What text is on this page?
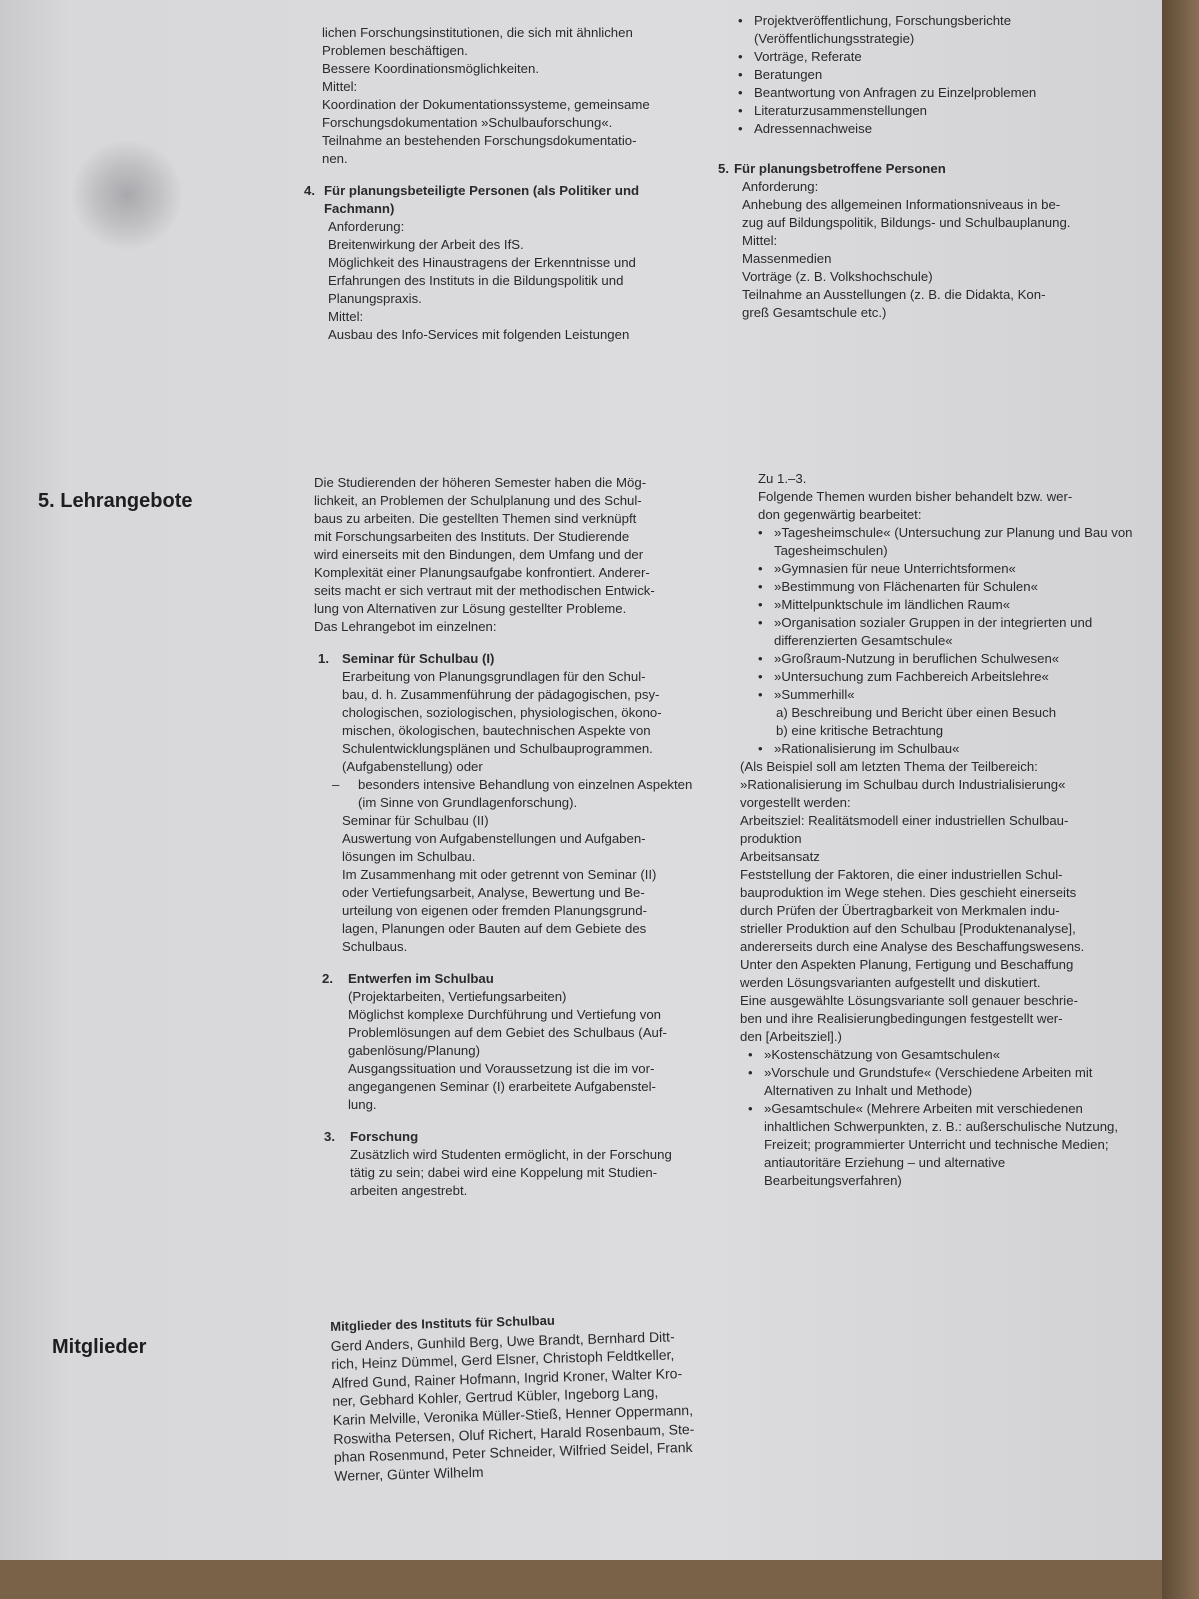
lichen Forschungsinstitutionen, die sich mit ähnlichen

Problemen beschäftigen.

Bessere Koordinationsmöglichkeiten.

Mittel:

Koordination der Dokumentationssysteme, gemeinsame

Forschungsdokumentation »Schulbauforschung«.

Teilnahme an bestehenden Forschungsdokumentatio-

nen.

4. Für planungsbeteiligte Personen (als Politiker und Fachmann)

Anforderung:

Breitenwirkung der Arbeit des IfS.

Möglichkeit des Hinaustragens der Erkenntnisse und

Erfahrungen des Instituts in die Bildungspolitik und

Planungspraxis.

Mittel:

Ausbau des Info-Services mit folgenden Leistungen

• Projektveröffentlichung, Forschungsberichte (Veröffentlichungsstrategie)
• Vorträge, Referate
• Beratungen
• Beantwortung von Anfragen zu Einzelproblemen
• Literaturzusammenstellungen
• Adressennachweise
5. Für planungsbetroffene Personen

Anforderung:

Anhebung des allgemeinen Informationsniveaus in be-

zug auf Bildungspolitik, Bildungs- und Schulbauplanung.

Mittel:

Massenmedien

Vorträge (z. B. Volkshochschule)

Teilnahme an Ausstellungen (z. B. die Didakta, Kon-

greß Gesamtschule etc.)

5. Lehrangebote

Die Studierenden der höheren Semester haben die Mög-

lichkeit, an Problemen der Schulplanung und des Schul-

baus zu arbeiten. Die gestellten Themen sind verknüpft

mit Forschungsarbeiten des Instituts. Der Studierende

wird einerseits mit den Bindungen, dem Umfang und der

Komplexität einer Planungsaufgabe konfrontiert. Anderer-

seits macht er sich vertraut mit der methodischen Entwick-

lung von Alternativen zur Lösung gestellter Probleme.

Das Lehrangebot im einzelnen:

1. Seminar für Schulbau (I)

Erarbeitung von Planungsgrundlagen für den Schul-

bau, d. h. Zusammenführung der pädagogischen, psy-

chologischen, soziologischen, physiologischen, ökono-

mischen, ökologischen, bautechnischen Aspekte von

Schulentwicklungsplänen und Schulbauprogrammen.

(Aufgabenstellung) oder

– besonders intensive Behandlung von einzelnen Aspekten (im Sinne von Grundlagenforschung).

Seminar für Schulbau (II)

Auswertung von Aufgabenstellungen und Aufgaben-

lösungen im Schulbau.

Im Zusammenhang mit oder getrennt von Seminar (II)

oder Vertiefungsarbeit, Analyse, Bewertung und Be-

urteilung von eigenen oder fremden Planungsgrund-

lagen, Planungen oder Bauten auf dem Gebiete des

Schulbaus.

2. Entwerfen im Schulbau

(Projektarbeiten, Vertiefungsarbeiten)

Möglichst komplexe Durchführung und Vertiefung von

Problemlösungen auf dem Gebiet des Schulbaus (Auf-

gabenlösung/Planung)

Ausgangssituation und Voraussetzung ist die im vor-

angegangenen Seminar (I) erarbeitete Aufgabenstel-

lung.

3. Forschung

Zusätzlich wird Studenten ermöglicht, in der Forschung

tätig zu sein; dabei wird eine Koppelung mit Studien-

arbeiten angestrebt.

Zu 1.–3.

Folgende Themen wurden bisher behandelt bzw. wer-

don gegenwärtig bearbeitet:

• »Tagesheimschule« (Untersuchung zur Planung und Bau von Tagesheimschulen)
• »Gymnasien für neue Unterrichtsformen«
• »Bestimmung von Flächenarten für Schulen«
• »Mittelpunktschule im ländlichen Raum«
• »Organisation sozialer Gruppen in der integrierten und differenzierten Gesamtschule«
• »Großraum-Nutzung in beruflichen Schulwesen«
• »Untersuchung zum Fachbereich Arbeitslehre«
• »Summerhill«

a) Beschreibung und Bericht über einen Besuch

b) eine kritische Betrachtung

• »Rationalisierung im Schulbau«

(Als Beispiel soll am letzten Thema der Teilbereich:

»Rationalisierung im Schulbau durch Industrialisierung«

vorgestellt werden:

Arbeitsziel: Realitätsmodell einer industriellen Schulbau-

produktion

Arbeitsansatz

Feststellung der Faktoren, die einer industriellen Schul-

bauproduktion im Wege stehen. Dies geschieht einerseits

durch Prüfen der Übertragbarkeit von Merkmalen indu-

strieller Produktion auf den Schulbau [Produktenanalyse],

andererseits durch eine Analyse des Beschaffungswesens.

Unter den Aspekten Planung, Fertigung und Beschaffung

werden Lösungsvarianten aufgestellt und diskutiert.

Eine ausgewählte Lösungsvariante soll genauer beschrie-

ben und ihre Realisierungbedingungen festgestellt wer-

den [Arbeitsziel].)

• »Kostenschätzung von Gesamtschulen«
• »Vorschule und Grundstufe« (Verschiedene Arbeiten mit Alternativen zu Inhalt und Methode)
• »Gesamtschule« (Mehrere Arbeiten mit verschiedenen inhaltlichen Schwerpunkten, z. B.: außerschulische Nutzung, Freizeit; programmierter Unterricht und technische Medien; antiautoritäre Erziehung – und alternative Bearbeitungsverfahren)
Mitglieder

Mitglieder des Instituts für Schulbau

Gerd Anders, Gunhild Berg, Uwe Brandt, Bernhard Ditt-

rich, Heinz Dümmel, Gerd Elsner, Christoph Feldtkeller,

Alfred Gund, Rainer Hofmann, Ingrid Kroner, Walter Kro-

ner, Gebhard Kohler, Gertrud Kübler, Ingeborg Lang,

Karin Melville, Veronika Müller-Stieß, Henner Oppermann,

Roswitha Petersen, Oluf Richert, Harald Rosenbaum, Ste-

phan Rosenmund, Peter Schneider, Wilfried Seidel, Frank

Werner, Günter Wilhelm
